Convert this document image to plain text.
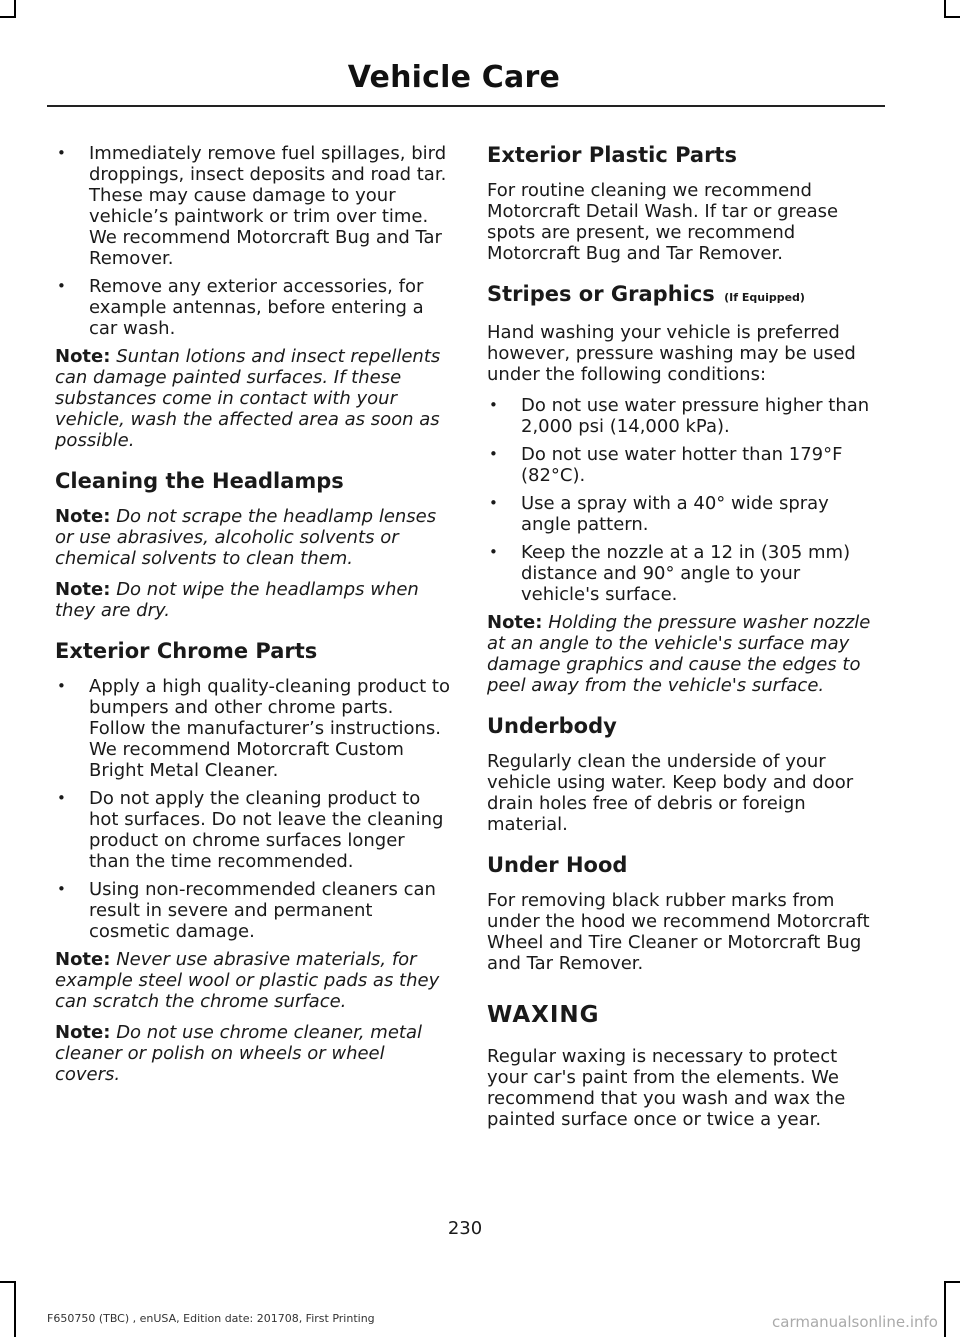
Vehicle Care
• Immediately remove fuel spillages, bird droppings, insect deposits and road tar. These may cause damage to your vehicle’s paintwork or trim over time. We recommend Motorcraft Bug and Tar Remover.
• Remove any exterior accessories, for example antennas, before entering a car wash.

Note: Suntan lotions and insect repellents can damage painted surfaces. If these substances come in contact with your vehicle, wash the affected area as soon as possible.

Cleaning the Headlamps

Note: Do not scrape the headlamp lenses or use abrasives, alcoholic solvents or chemical solvents to clean them.

Note: Do not wipe the headlamps when they are dry.

Exterior Chrome Parts
• Apply a high quality-cleaning product to bumpers and other chrome parts. Follow the manufacturer’s instructions. We recommend Motorcraft Custom Bright Metal Cleaner.
• Do not apply the cleaning product to hot surfaces. Do not leave the cleaning product on chrome surfaces longer than the time recommended.
• Using non-recommended cleaners can result in severe and permanent cosmetic damage.

Note: Never use abrasive materials, for example steel wool or plastic pads as they can scratch the chrome surface.

Note: Do not use chrome cleaner, metal cleaner or polish on wheels or wheel covers.

Exterior Plastic Parts

For routine cleaning we recommend Motorcraft Detail Wash. If tar or grease spots are present, we recommend Motorcraft Bug and Tar Remover.

Stripes or Graphics (If Equipped)

Hand washing your vehicle is preferred however, pressure washing may be used under the following conditions:

• Do not use water pressure higher than 2,000 psi (14,000 kPa).
• Do not use water hotter than 179°F (82°C).
• Use a spray with a 40° wide spray angle pattern.
• Keep the nozzle at a 12 in (305 mm) distance and 90° angle to your vehicle's surface.

Note: Holding the pressure washer nozzle at an angle to the vehicle's surface may damage graphics and cause the edges to peel away from the vehicle's surface.

Underbody

Regularly clean the underside of your vehicle using water. Keep body and door drain holes free of debris or foreign material.

Under Hood

For removing black rubber marks from under the hood we recommend Motorcraft Wheel and Tire Cleaner or Motorcraft Bug and Tar Remover.

WAXING

Regular waxing is necessary to protect your car's paint from the elements. We recommend that you wash and wax the painted surface once or twice a year.

230
F650750 (TBC) , enUSA, Edition date: 201708, First Printing	carmanualsonline.info
